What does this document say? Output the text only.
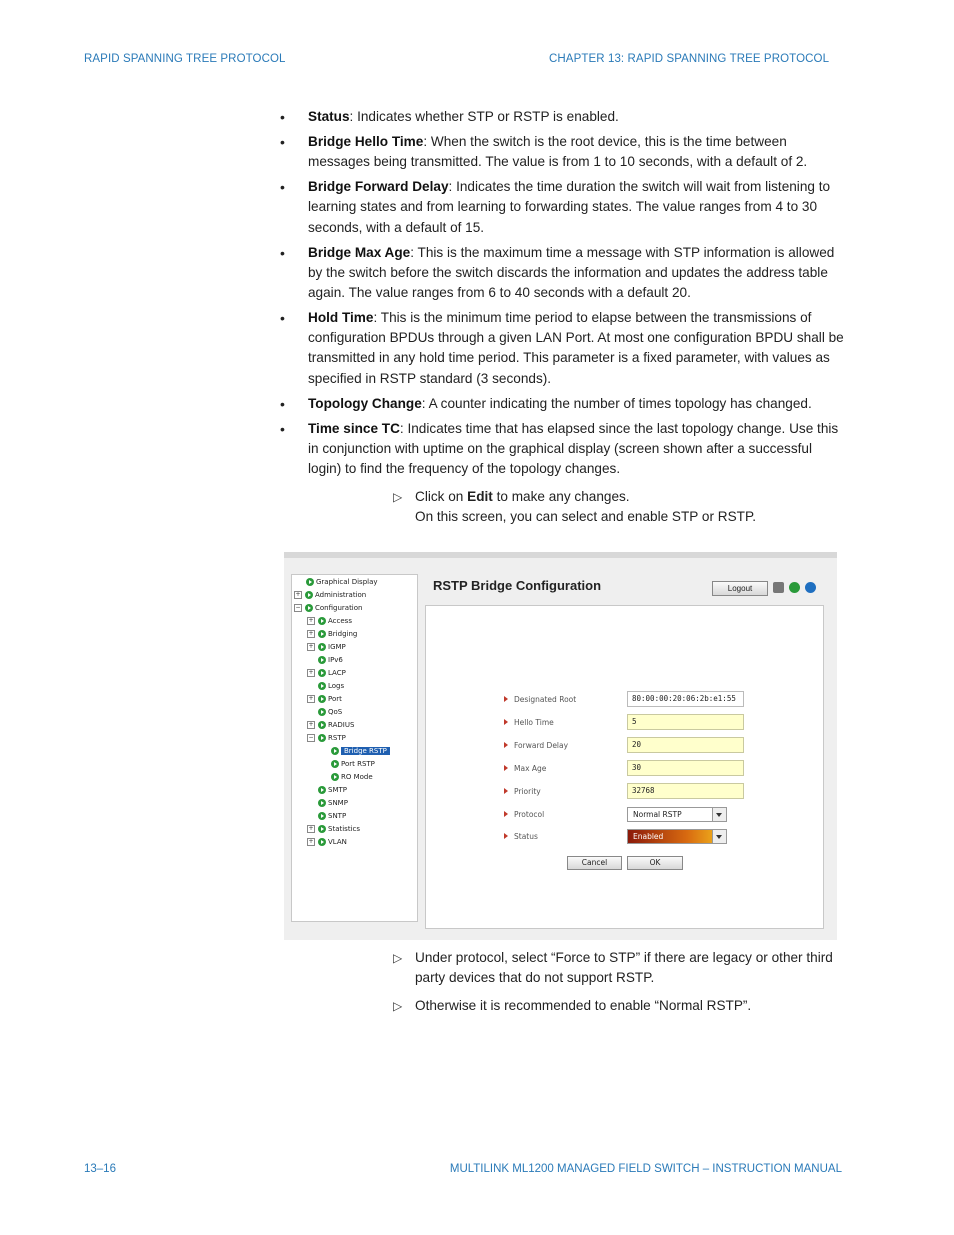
RAPID SPANNING TREE PROTOCOL	CHAPTER 13: RAPID SPANNING TREE PROTOCOL
• Status: Indicates whether STP or RSTP is enabled.
• Bridge Hello Time: When the switch is the root device, this is the time between messages being transmitted. The value is from 1 to 10 seconds, with a default of 2.
• Bridge Forward Delay: Indicates the time duration the switch will wait from listening to learning states and from learning to forwarding states. The value ranges from 4 to 30 seconds, with a default of 15.
• Bridge Max Age: This is the maximum time a message with STP information is allowed by the switch before the switch discards the information and updates the address table again. The value ranges from 6 to 40 seconds with a default 20.
• Hold Time: This is the minimum time period to elapse between the transmissions of configuration BPDUs through a given LAN Port. At most one configuration BPDU shall be transmitted in any hold time period. This parameter is a fixed parameter, with values as specified in RSTP standard (3 seconds).
• Topology Change: A counter indicating the number of times topology has changed.
• Time since TC: Indicates time that has elapsed since the last topology change. Use this in conjunction with uptime on the graphical display (screen shown after a successful login) to find the frequency of the topology changes.
▷ Click on Edit to make any changes.
On this screen, you can select and enable STP or RSTP.
Graphical Display
+ Administration
− Configuration
+ Access
+ Bridging
+ IGMP
IPv6
+ LACP
Logs
+ Port
QoS
+ RADIUS
− RSTP
Bridge RSTP
Port RSTP
RO Mode
SMTP
SNMP
SNTP
+ Statistics
+ VLAN
RSTP Bridge Configuration	Logout
Designated Root	80:00:00:20:06:2b:e1:55
Hello Time	5
Forward Delay	20
Max Age	30
Priority	32768
Protocol	Normal RSTP
Status	Enabled
Cancel	OK
▷ Under protocol, select “Force to STP” if there are legacy or other third party devices that do not support RSTP.
▷ Otherwise it is recommended to enable “Normal RSTP”.
13–16	MULTILINK ML1200 MANAGED FIELD SWITCH – INSTRUCTION MANUAL
